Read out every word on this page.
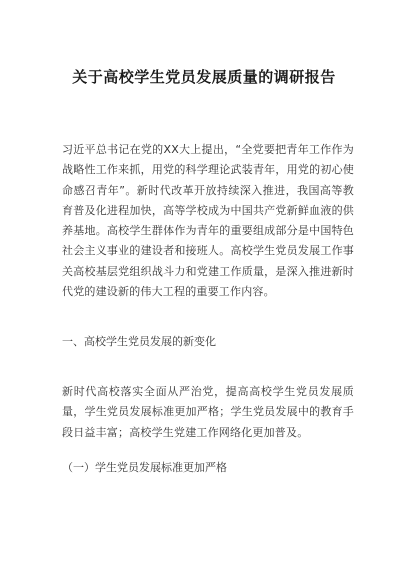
关于高校学生党员发展质量的调研报告

习近平总书记在党的XX大上提出，“全党要把青年工作作为战略性工作来抓，用党的科学理论武装青年，用党的初心使命感召青年”。新时代改革开放持续深入推进，我国高等教育普及化进程加快，高等学校成为中国共产党新鲜血液的供养基地。高校学生群体作为青年的重要组成部分是中国特色社会主义事业的建设者和接班人。高校学生党员发展工作事关高校基层党组织战斗力和党建工作质量，是深入推进新时代党的建设新的伟大工程的重要工作内容。

一、高校学生党员发展的新变化

新时代高校落实全面从严治党，提高高校学生党员发展质量，学生党员发展标准更加严格；学生党员发展中的教育手段日益丰富；高校学生党建工作网络化更加普及。

（一）学生党员发展标准更加严格
